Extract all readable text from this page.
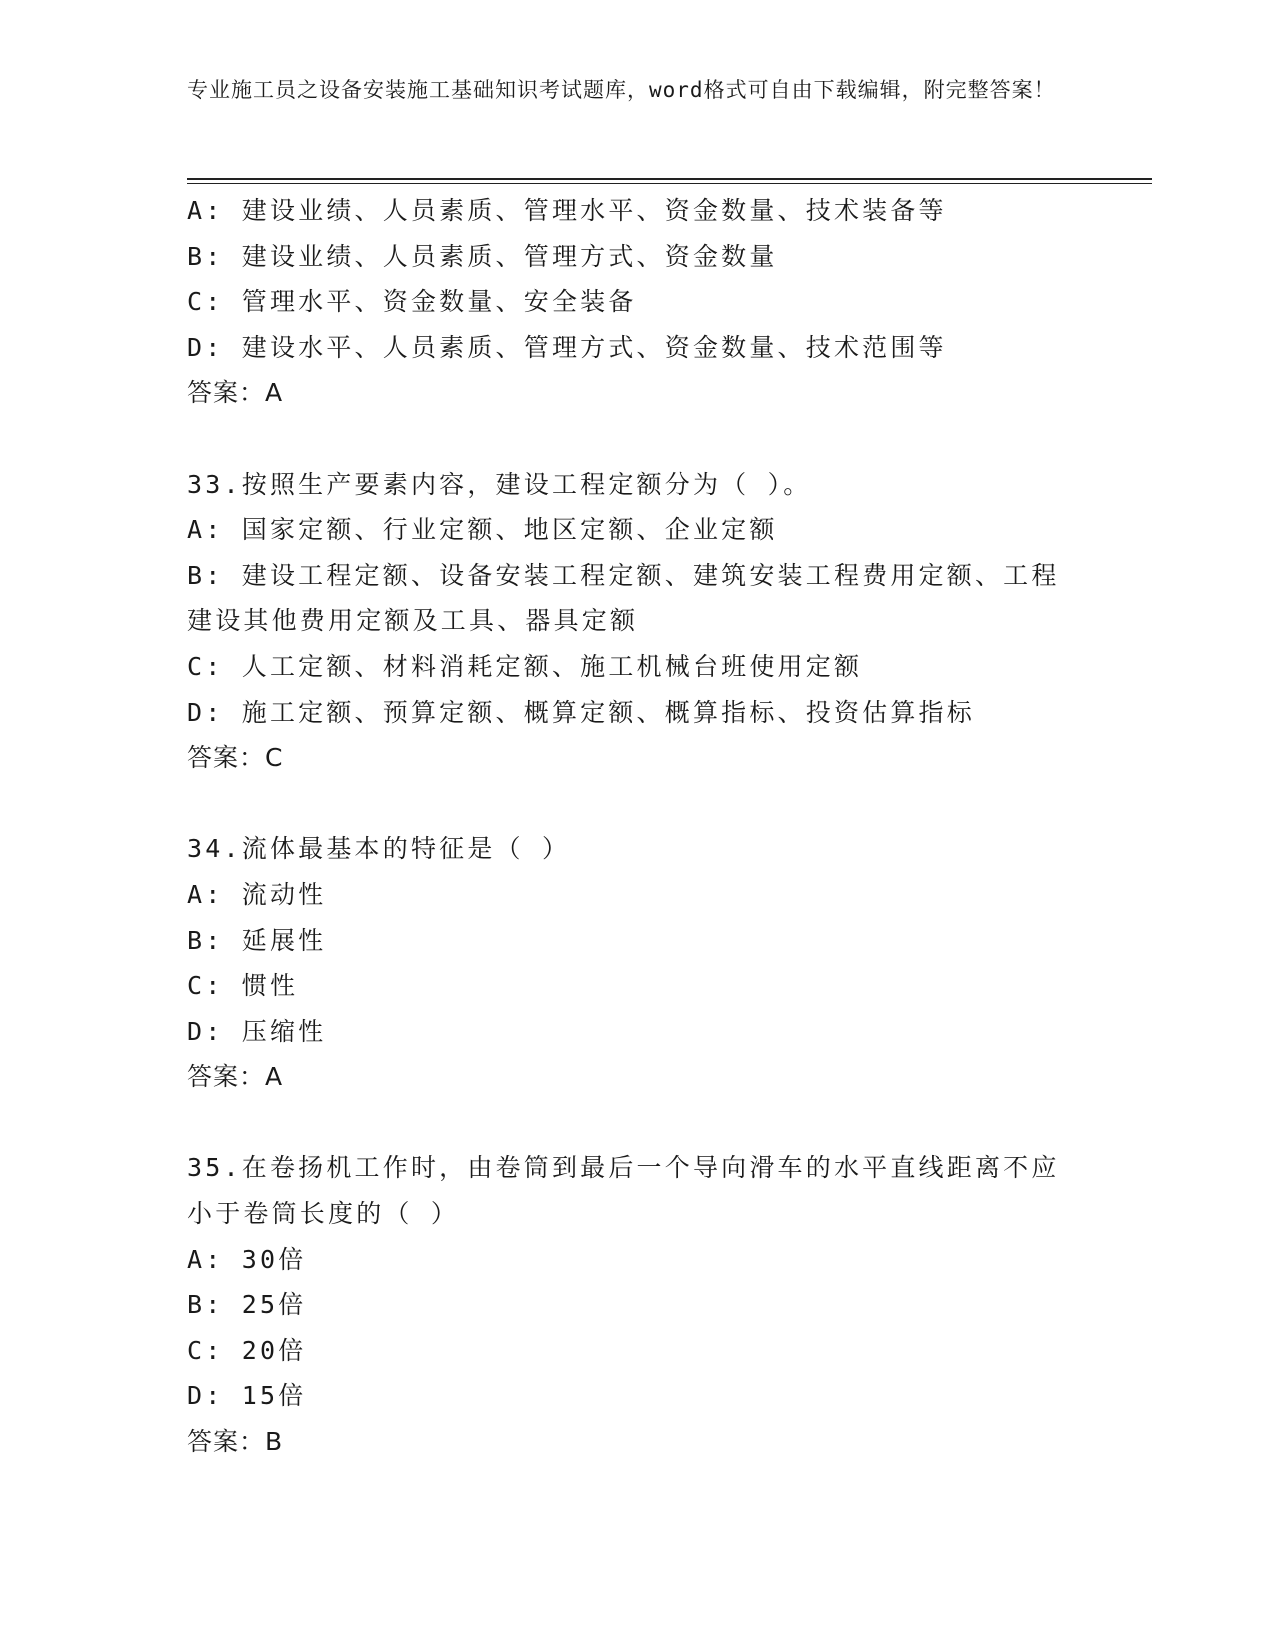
专业施工员之设备安装施工基础知识考试题库，word格式可自由下载编辑，附完整答案！
A: 建设业绩、人员素质、管理水平、资金数量、技术装备等
B: 建设业绩、人员素质、管理方式、资金数量
C: 管理水平、资金数量、安全装备
D: 建设水平、人员素质、管理方式、资金数量、技术范围等
答案：A
33.按照生产要素内容，建设工程定额分为（ ）。
A: 国家定额、行业定额、地区定额、企业定额
B: 建设工程定额、设备安装工程定额、建筑安装工程费用定额、工程建设其他费用定额及工具、器具定额
C: 人工定额、材料消耗定额、施工机械台班使用定额
D: 施工定额、预算定额、概算定额、概算指标、投资估算指标
答案：C
34.流体最基本的特征是（ ）
A: 流动性
B: 延展性
C: 惯性
D: 压缩性
答案：A
35.在卷扬机工作时，由卷筒到最后一个导向滑车的水平直线距离不应小于卷筒长度的（ ）
A: 30倍
B: 25倍
C: 20倍
D: 15倍
答案：B
